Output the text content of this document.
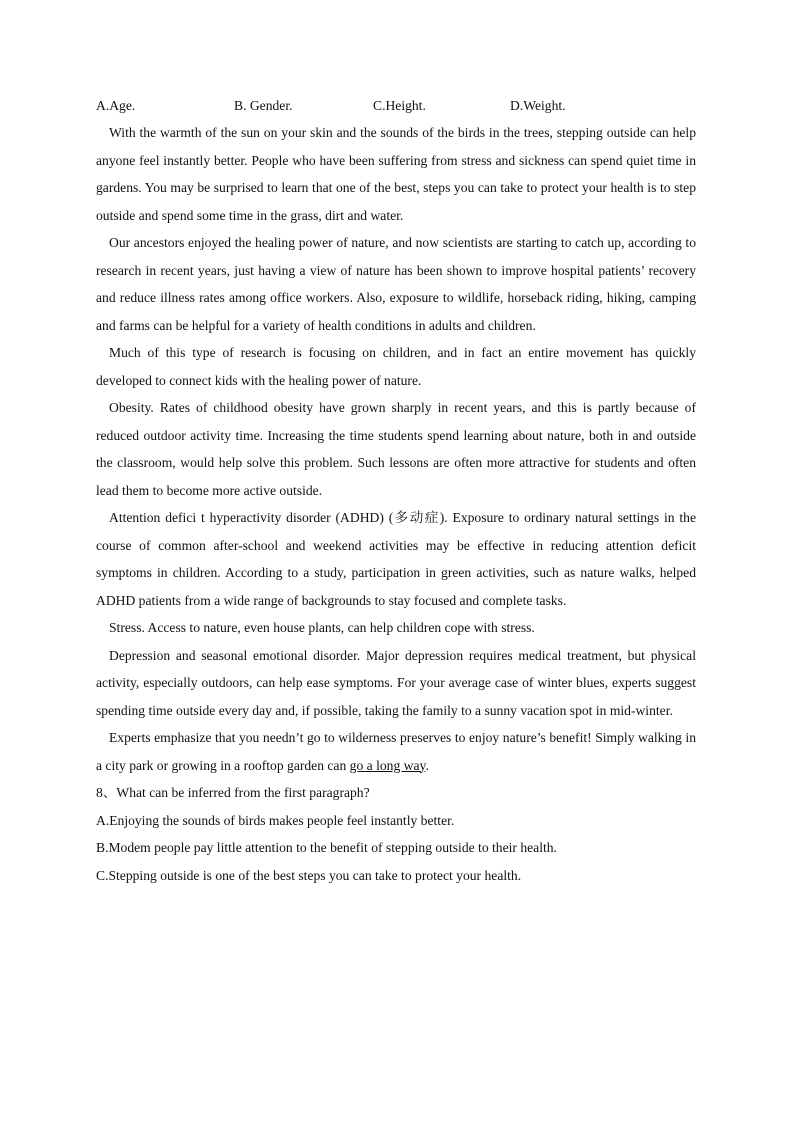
A.Age.	B. Gender.	C.Height.	D.Weight.

With the warmth of the sun on your skin and the sounds of the birds in the trees, stepping outside can help anyone feel instantly better. People who have been suffering from stress and sickness can spend quiet time in gardens. You may be surprised to learn that one of the best, steps you can take to protect your health is to step outside and spend some time in the grass, dirt and water.

Our ancestors enjoyed the healing power of nature, and now scientists are starting to catch up, according to research in recent years, just having a view of nature has been shown to improve hospital patients’ recovery and reduce illness rates among office workers. Also, exposure to wildlife, horseback riding, hiking, camping and farms can be helpful for a variety of health conditions in adults and children.

Much of this type of research is focusing on children, and in fact an entire movement has quickly developed to connect kids with the healing power of nature.

Obesity. Rates of childhood obesity have grown sharply in recent years, and this is partly because of reduced outdoor activity time. Increasing the time students spend learning about nature, both in and outside the classroom, would help solve this problem. Such lessons are often more attractive for students and often lead them to become more active outside.

Attention defici t hyperactivity disorder (ADHD) (多动症). Exposure to ordinary natural settings in the course of common after-school and weekend activities may be effective in reducing attention deficit symptoms in children. According to a study, participation in green activities, such as nature walks, helped ADHD patients from a wide range of backgrounds to stay focused and complete tasks.

Stress. Access to nature, even house plants, can help children cope with stress.

Depression and seasonal emotional disorder. Major depression requires medical treatment, but physical activity, especially outdoors, can help ease symptoms. For your average case of winter blues, experts suggest spending time outside every day and, if possible, taking the family to a sunny vacation spot in mid-winter.

Experts emphasize that you needn’t go to wilderness preserves to enjoy nature’s benefit! Simply walking in a city park or growing in a rooftop garden can go a long way.

8、What can be inferred from the first paragraph?

A.Enjoying the sounds of birds makes people feel instantly better.

B.Modem people pay little attention to the benefit of stepping outside to their health.

C.Stepping outside is one of the best steps you can take to protect your health.
